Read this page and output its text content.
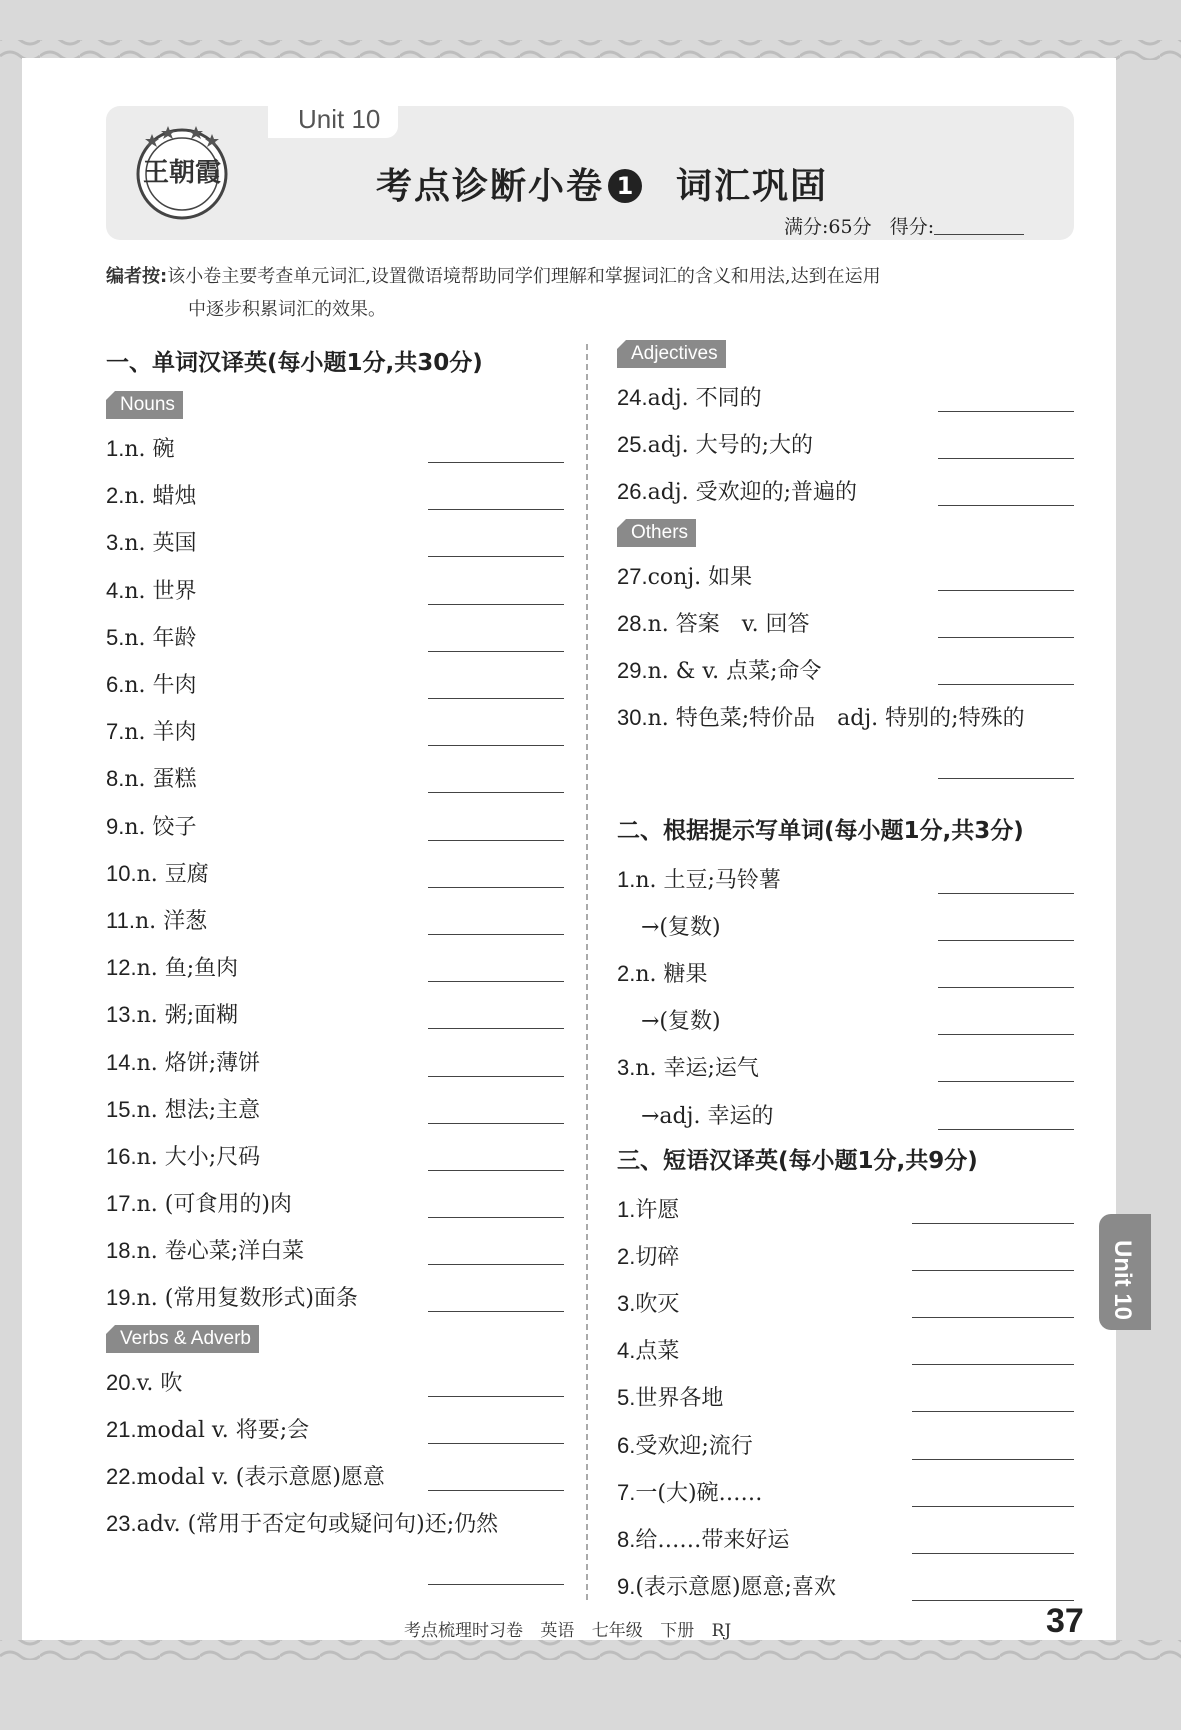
Unit 10
王朝霞	考点诊断小卷 1 词汇巩固
满分:65分 得分:
编者按:该小卷主要考查单元词汇,设置微语境帮助同学们理解和掌握词汇的含义和用法,达到在运用
中逐步积累词汇的效果。
一、单词汉译英(每小题1分,共30分)
Nouns
1.n. 碗
2.n. 蜡烛
3.n. 英国
4.n. 世界
5.n. 年龄
6.n. 牛肉
7.n. 羊肉
8.n. 蛋糕
9.n. 饺子
10.n. 豆腐
11.n. 洋葱
12.n. 鱼;鱼肉
13.n. 粥;面糊
14.n. 烙饼;薄饼
15.n. 想法;主意
16.n. 大小;尺码
17.n. (可食用的)肉
18.n. 卷心菜;洋白菜
19.n. (常用复数形式)面条
Verbs & Adverb
20.v. 吹
21.modal v. 将要;会
22.modal v. (表示意愿)愿意
23.adv. (常用于否定句或疑问句)还;仍然
Adjectives
24.adj. 不同的
25.adj. 大号的;大的
26.adj. 受欢迎的;普遍的
Others
27.conj. 如果
28.n. 答案　v. 回答
29.n. & v. 点菜;命令
30.n. 特色菜;特价品　adj. 特别的;特殊的
二、根据提示写单词(每小题1分,共3分)
1.n. 土豆;马铃薯
→(复数)
2.n. 糖果
→(复数)
3.n. 幸运;运气
→adj. 幸运的
三、短语汉译英(每小题1分,共9分)
1.许愿
2.切碎
3.吹灭
4.点菜
5.世界各地
6.受欢迎;流行
7.一(大)碗……
8.给……带来好运
9.(表示意愿)愿意;喜欢
Unit 10
考点梳理时习卷 英语 七年级 下册 RJ	37
